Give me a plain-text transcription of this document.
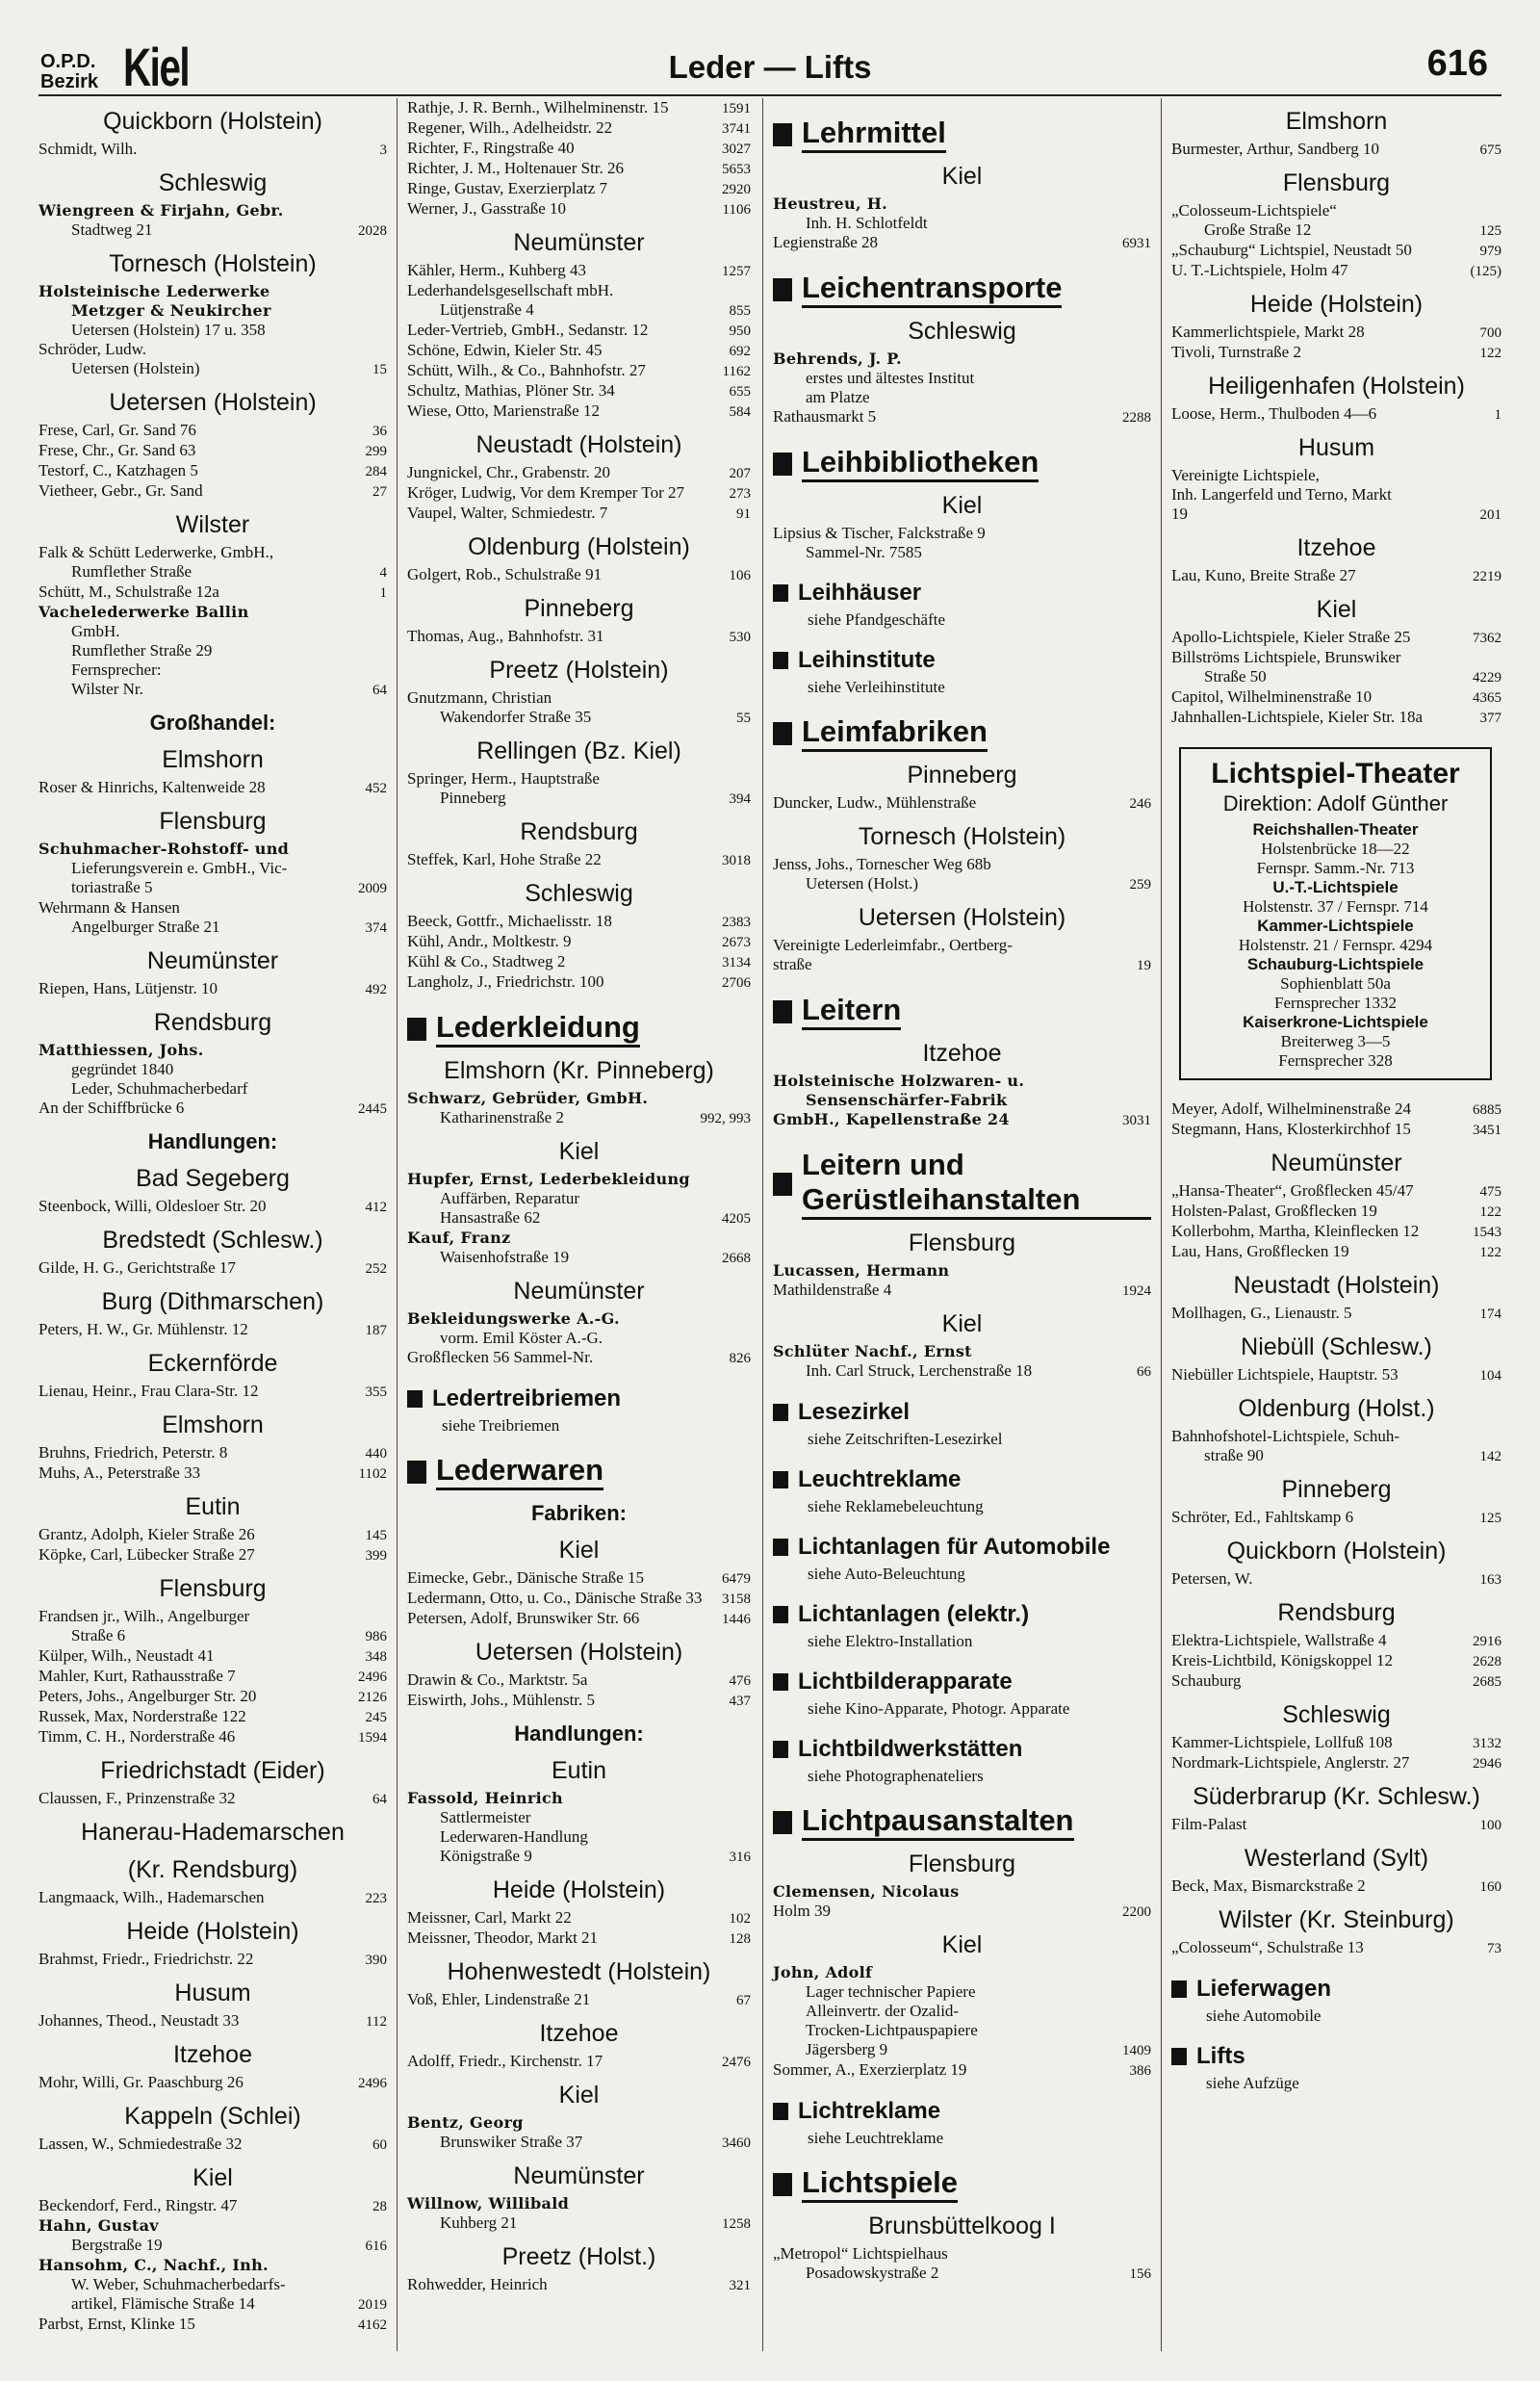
O.P.D.
Bezirk Kiel	Leder — Lifts	616
Quickborn (Holstein)
Schmidt, Wilh.	3
Schleswig
Wiengreen & Firjahn, Gebr.
Stadtweg 21	2028
Tornesch (Holstein)
Holsteinische Lederwerke
Metzger & Neukircher
Uetersen (Holstein) 17 u. 358
Schröder, Ludw.
Uetersen (Holstein)	15
Uetersen (Holstein)
Frese, Carl, Gr. Sand 76	36
Frese, Chr., Gr. Sand 63	299
Testorf, C., Katzhagen 5	284
Vietheer, Gebr., Gr. Sand	27
Wilster
Falk & Schütt Lederwerke, GmbH.,
Rumflether Straße	4
Schütt, M., Schulstraße 12a	1
Vachelederwerke Ballin
GmbH.
Rumflether Straße 29
Fernsprecher:
Wilster Nr.	64
Großhandel:
Elmshorn
Roser & Hinrichs, Kaltenweide 28	452
Flensburg
Schuhmacher-Rohstoff- und
Lieferungsverein e. GmbH., Vic-
toriastraße 5	2009
Wehrmann & Hansen
Angelburger Straße 21	374
Neumünster
Riepen, Hans, Lütjenstr. 10	492
Rendsburg
Matthiessen, Johs.
gegründet 1840
Leder, Schuhmacherbedarf
An der Schiffbrücke 6	2445
Handlungen:
Bad Segeberg
Steenbock, Willi, Oldesloer Str. 20	412
Bredstedt (Schlesw.)
Gilde, H. G., Gerichtstraße 17	252
Burg (Dithmarschen)
Peters, H. W., Gr. Mühlenstr. 12	187
Eckernförde
Lienau, Heinr., Frau Clara-Str. 12	355
Elmshorn
Bruhns, Friedrich, Peterstr. 8	440
Muhs, A., Peterstraße 33	1102
Eutin
Grantz, Adolph, Kieler Straße 26	145
Köpke, Carl, Lübecker Straße 27	399
Flensburg
Frandsen jr., Wilh., Angelburger
Straße 6	986
Külper, Wilh., Neustadt 41	348
Mahler, Kurt, Rathausstraße 7	2496
Peters, Johs., Angelburger Str. 20	2126
Russek, Max, Norderstraße 122	245
Timm, C. H., Norderstraße 46	1594
Friedrichstadt (Eider)
Claussen, F., Prinzenstraße 32	64
Hanerau-Hademarschen
(Kr. Rendsburg)
Langmaack, Wilh., Hademarschen	223
Heide (Holstein)
Brahmst, Friedr., Friedrichstr. 22	390
Husum
Johannes, Theod., Neustadt 33	112
Itzehoe
Mohr, Willi, Gr. Paaschburg 26	2496
Kappeln (Schlei)
Lassen, W., Schmiedestraße 32	60
Kiel
Beckendorf, Ferd., Ringstr. 47	28
Hahn, Gustav
Bergstraße 19	616
Hansohm, C., Nachf., Inh.
W. Weber, Schuhmacherbedarfs-
artikel, Flämische Straße 14	2019
Parbst, Ernst, Klinke 15	4162
Rathje, J. R. Bernh., Wilhelminenstr. 15	1591
Regener, Wilh., Adelheidstr. 22	3741
Richter, F., Ringstraße 40	3027
Richter, J. M., Holtenauer Str. 26	5653
Ringe, Gustav, Exerzierplatz 7	2920
Werner, J., Gasstraße 10	1106
Neumünster
Kähler, Herm., Kuhberg 43	1257
Lederhandelsgesellschaft mbH.
Lütjenstraße 4	855
Leder-Vertrieb, GmbH., Sedanstr. 12	950
Schöne, Edwin, Kieler Str. 45	692
Schütt, Wilh., & Co., Bahnhofstr. 27	1162
Schultz, Mathias, Plöner Str. 34	655
Wiese, Otto, Marienstraße 12	584
Neustadt (Holstein)
Jungnickel, Chr., Grabenstr. 20	207
Kröger, Ludwig, Vor dem Kremper Tor 27	273
Vaupel, Walter, Schmiedestr. 7	91
Oldenburg (Holstein)
Golgert, Rob., Schulstraße 91	106
Pinneberg
Thomas, Aug., Bahnhofstr. 31	530
Preetz (Holstein)
Gnutzmann, Christian
Wakendorfer Straße 35	55
Rellingen (Bz. Kiel)
Springer, Herm., Hauptstraße
Pinneberg	394
Rendsburg
Steffek, Karl, Hohe Straße 22	3018
Schleswig
Beeck, Gottfr., Michaelisstr. 18	2383
Kühl, Andr., Moltkestr. 9	2673
Kühl & Co., Stadtweg 2	3134
Langholz, J., Friedrichstr. 100	2706
Lederkleidung
Elmshorn (Kr. Pinneberg)
Schwarz, Gebrüder, GmbH.
Katharinenstraße 2	992, 993
Kiel
Hupfer, Ernst, Lederbekleidung
Auffärben, Reparatur
Hansastraße 62	4205
Kauf, Franz
Waisenhofstraße 19	2668
Neumünster
Bekleidungswerke A.-G.
vorm. Emil Köster A.-G.
Großflecken 56 Sammel-Nr.	826
Ledertreibriemen
siehe Treibriemen
Lederwaren
Fabriken:
Kiel
Eimecke, Gebr., Dänische Straße 15	6479
Ledermann, Otto, u. Co., Dänische Straße 33	3158
Petersen, Adolf, Brunswiker Str. 66	1446
Uetersen (Holstein)
Drawin & Co., Marktstr. 5a	476
Eiswirth, Johs., Mühlenstr. 5	437
Handlungen:
Eutin
Fassold, Heinrich
Sattlermeister
Lederwaren-Handlung
Königstraße 9	316
Heide (Holstein)
Meissner, Carl, Markt 22	102
Meissner, Theodor, Markt 21	128
Hohenwestedt (Holstein)
Voß, Ehler, Lindenstraße 21	67
Itzehoe
Adolff, Friedr., Kirchenstr. 17	2476
Kiel
Bentz, Georg
Brunswiker Straße 37	3460
Neumünster
Willnow, Willibald
Kuhberg 21	1258
Preetz (Holst.)
Rohwedder, Heinrich	321
Lehrmittel
Kiel
Heustreu, H.
Inh. H. Schlotfeldt
Legienstraße 28	6931
Leichentransporte
Schleswig
Behrends, J. P.
erstes und ältestes Institut
am Platze
Rathausmarkt 5	2288
Leihbibliotheken
Kiel
Lipsius & Tischer, Falckstraße 9
Sammel-Nr. 7585
Leihhäuser
siehe Pfandgeschäfte
Leihinstitute
siehe Verleihinstitute
Leimfabriken
Pinneberg
Duncker, Ludw., Mühlenstraße	246
Tornesch (Holstein)
Jenss, Johs., Tornescher Weg 68b
Uetersen (Holst.)	259
Uetersen (Holstein)
Vereinigte Lederleimfabr., Oertberg-
straße	19
Leitern
Itzehoe
Holsteinische Holzwaren- u.
Sensenschärfer-Fabrik
GmbH., Kapellenstraße 24	3031
Leitern und Gerüstleihanstalten
Flensburg
Lucassen, Hermann
Mathildenstraße 4	1924
Kiel
Schlüter Nachf., Ernst
Inh. Carl Struck, Lerchenstraße 18	66
Lesezirkel
siehe Zeitschriften-Lesezirkel
Leuchtreklame
siehe Reklamebeleuchtung
Lichtanlagen für Automobile
siehe Auto-Beleuchtung
Lichtanlagen (elektr.)
siehe Elektro-Installation
Lichtbilderapparate
siehe Kino-Apparate, Photogr. Apparate
Lichtbildwerkstätten
siehe Photographenateliers
Lichtpausanstalten
Flensburg
Clemensen, Nicolaus
Holm 39	2200
Kiel
John, Adolf
Lager technischer Papiere
Alleinvertr. der Ozalid-
Trocken-Lichtpauspapiere
Jägersberg 9	1409
Sommer, A., Exerzierplatz 19	386
Lichtreklame
siehe Leuchtreklame
Lichtspiele
Brunsbüttelkoog I
„Metropol“ Lichtspielhaus
Posadowskystraße 2	156
Elmshorn
Burmester, Arthur, Sandberg 10	675
Flensburg
„Colosseum-Lichtspiele“
Große Straße 12	125
„Schauburg“ Lichtspiel, Neustadt 50	979
U. T.-Lichtspiele, Holm 47	(125)
Heide (Holstein)
Kammerlichtspiele, Markt 28	700
Tivoli, Turnstraße 2	122
Heiligenhafen (Holstein)
Loose, Herm., Thulboden 4—6	1
Husum
Vereinigte Lichtspiele,
Inh. Langerfeld und Terno, Markt
19	201
Itzehoe
Lau, Kuno, Breite Straße 27	2219
Kiel
Apollo-Lichtspiele, Kieler Straße 25	7362
Billströms Lichtspiele, Brunswiker
Straße 50	4229
Capitol, Wilhelminenstraße 10	4365
Jahnhallen-Lichtspiele, Kieler Str. 18a	377
Lichtspiel-Theater
Direktion: Adolf Günther
Reichshallen-Theater
Holstenbrücke 18—22
Fernspr. Samm.-Nr. 713
U.-T.-Lichtspiele
Holstenstr. 37 / Fernspr. 714
Kammer-Lichtspiele
Holstenstr. 21 / Fernspr. 4294
Schauburg-Lichtspiele
Sophienblatt 50a
Fernsprecher 1332
Kaiserkrone-Lichtspiele
Breiterweg 3—5
Fernsprecher 328
Meyer, Adolf, Wilhelminenstraße 24	6885
Stegmann, Hans, Klosterkirchhof 15	3451
Neumünster
„Hansa-Theater“, Großflecken 45/47	475
Holsten-Palast, Großflecken 19	122
Kollerbohm, Martha, Kleinflecken 12	1543
Lau, Hans, Großflecken 19	122
Neustadt (Holstein)
Mollhagen, G., Lienaustr. 5	174
Niebüll (Schlesw.)
Niebüller Lichtspiele, Hauptstr. 53	104
Oldenburg (Holst.)
Bahnhofshotel-Lichtspiele, Schuh-
straße 90	142
Pinneberg
Schröter, Ed., Fahltskamp 6	125
Quickborn (Holstein)
Petersen, W.	163
Rendsburg
Elektra-Lichtspiele, Wallstraße 4	2916
Kreis-Lichtbild, Königskoppel 12	2628
Schauburg	2685
Schleswig
Kammer-Lichtspiele, Lollfuß 108	3132
Nordmark-Lichtspiele, Anglerstr. 27	2946
Süderbrarup (Kr. Schlesw.)
Film-Palast	100
Westerland (Sylt)
Beck, Max, Bismarckstraße 2	160
Wilster (Kr. Steinburg)
„Colosseum“, Schulstraße 13	73
Lieferwagen
siehe Automobile
Lifts
siehe Aufzüge
